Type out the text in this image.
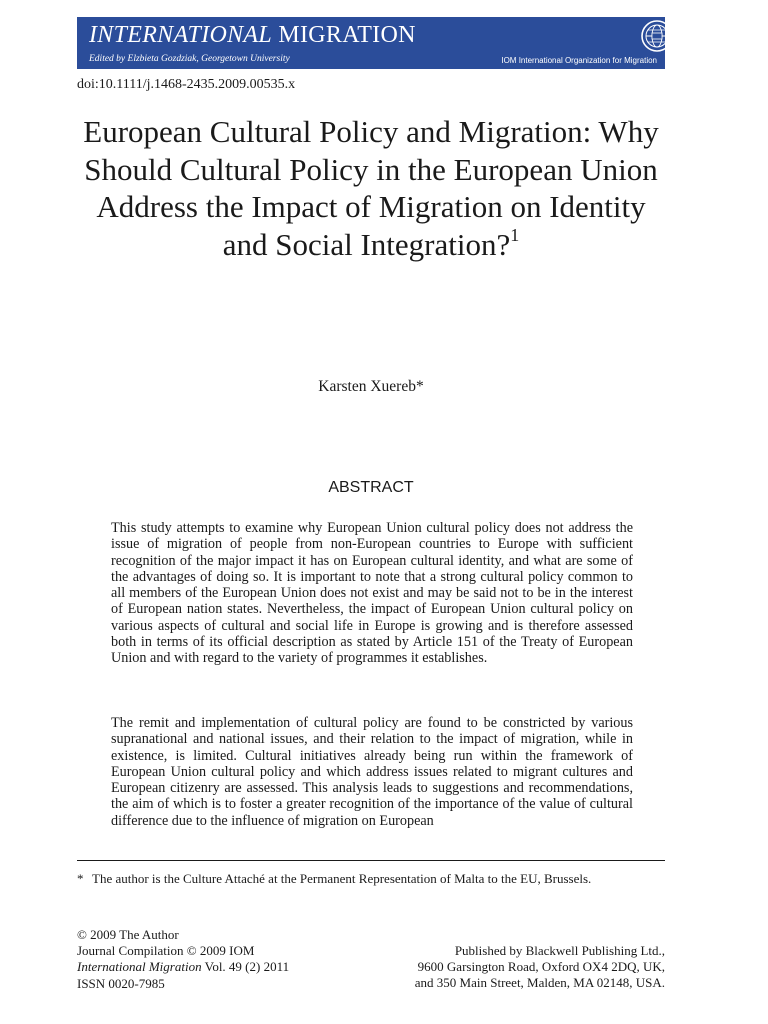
INTERNATIONAL MIGRATION
Edited by Elzbieta Gozdziak, Georgetown University	IOM International Organization for Migration
doi:10.1111/j.1468-2435.2009.00535.x
European Cultural Policy and Migration: Why Should Cultural Policy in the European Union Address the Impact of Migration on Identity and Social Integration?$^1$
Karsten Xuereb*
ABSTRACT

This study attempts to examine why European Union cultural policy does not address the issue of migration of people from non-European countries to Europe with sufficient recognition of the major impact it has on European cultural identity, and what are some of the advantages of doing so. It is important to note that a strong cultural policy common to all members of the European Union does not exist and may be said not to be in the interest of European nation states. Nevertheless, the impact of European Union cultural policy on various aspects of cultural and social life in Europe is growing and is therefore assessed both in terms of its official description as stated by Article 151 of the Treaty of European Union and with regard to the variety of programmes it establishes.

The remit and implementation of cultural policy are found to be constricted by various supranational and national issues, and their relation to the impact of migration, while in existence, is limited. Cultural initiatives already being run within the framework of European Union cultural policy and which address issues related to migrant cultures and European citizenry are assessed. This analysis leads to suggestions and recommendations, the aim of which is to foster a greater recognition of the importance of the value of cultural difference due to the influence of migration on European

* The author is the Culture Attaché at the Permanent Representation of Malta to the EU, Brussels.
© 2009 The Author
Journal Compilation © 2009 IOM
International Migration Vol. 49 (2) 2011
ISSN 0020-7985
Published by Blackwell Publishing Ltd.,
9600 Garsington Road, Oxford OX4 2DQ, UK,
and 350 Main Street, Malden, MA 02148, USA.
